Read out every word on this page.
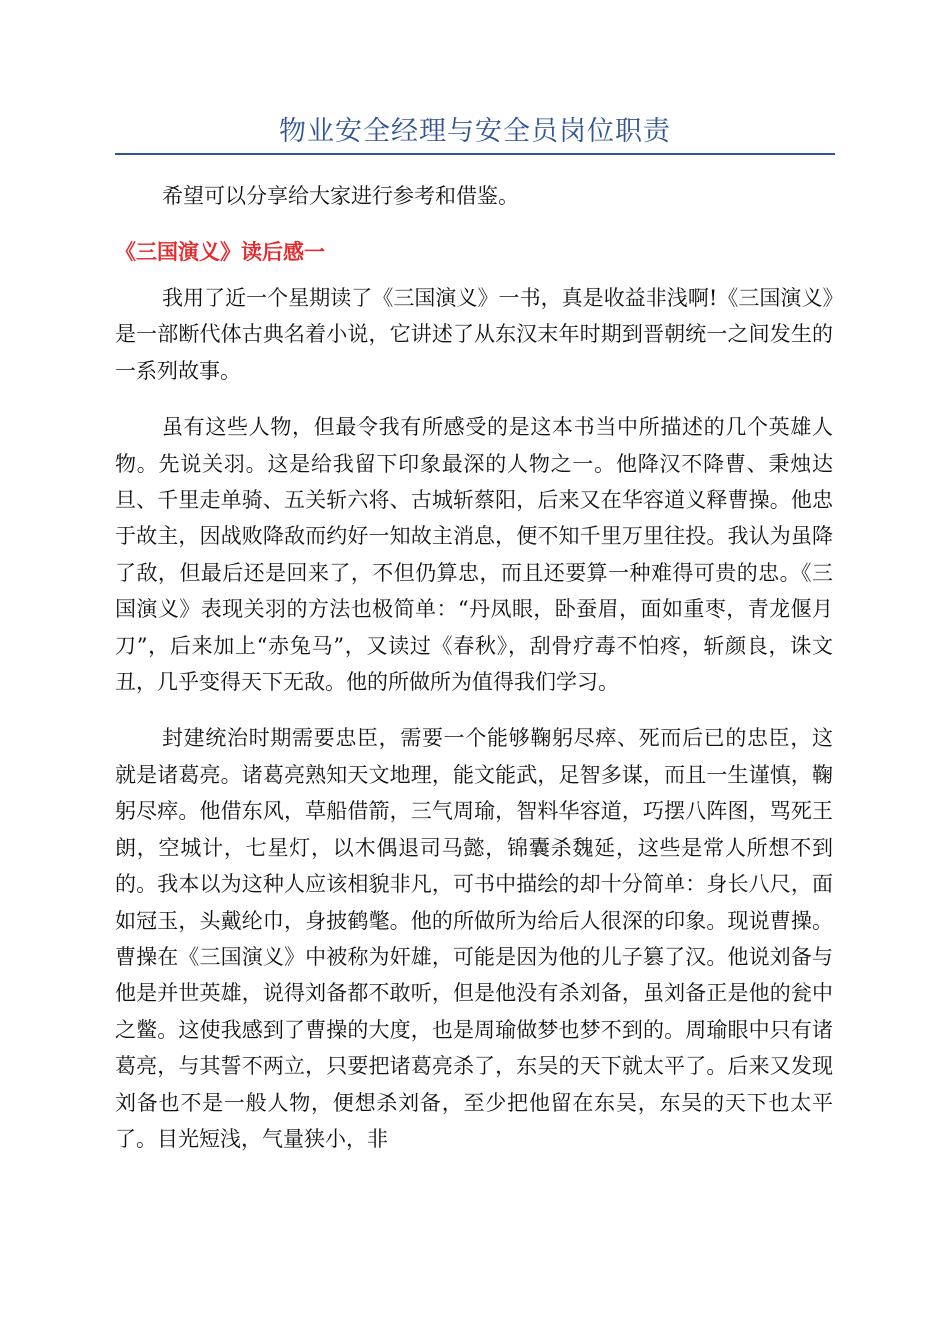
物业安全经理与安全员岗位职责

希望可以分享给大家进行参考和借鉴。

《三国演义》读后感一

我用了近一个星期读了《三国演义》一书，真是收益非浅啊!《三国演义》是一部断代体古典名着小说，它讲述了从东汉末年时期到晋朝统一之间发生的一系列故事。

虽有这些人物，但最令我有所感受的是这本书当中所描述的几个英雄人物。先说关羽。这是给我留下印象最深的人物之一。他降汉不降曹、秉烛达旦、千里走单骑、五关斩六将、古城斩蔡阳，后来又在华容道义释曹操。他忠于故主，因战败降敌而约好一知故主消息，便不知千里万里往投。我认为虽降了敌，但最后还是回来了，不但仍算忠，而且还要算一种难得可贵的忠。《三国演义》表现关羽的方法也极简单：“丹凤眼，卧蚕眉，面如重枣，青龙偃月刀”，后来加上“赤兔马”，又读过《春秋》，刮骨疗毒不怕疼，斩颜良，诛文丑，几乎变得天下无敌。他的所做所为值得我们学习。

封建统治时期需要忠臣，需要一个能够鞠躬尽瘁、死而后已的忠臣，这就是诸葛亮。诸葛亮熟知天文地理，能文能武，足智多谋，而且一生谨慎，鞠躬尽瘁。他借东风，草船借箭，三气周瑜，智料华容道，巧摆八阵图，骂死王朗，空城计，七星灯，以木偶退司马懿，锦囊杀魏延，这些是常人所想不到的。我本以为这种人应该相貌非凡，可书中描绘的却十分简单：身长八尺，面如冠玉，头戴纶巾，身披鹤氅。他的所做所为给后人很深的印象。现说曹操。曹操在《三国演义》中被称为奸雄，可能是因为他的儿子篡了汉。他说刘备与他是并世英雄，说得刘备都不敢听，但是他没有杀刘备，虽刘备正是他的瓮中之鳖。这使我感到了曹操的大度，也是周瑜做梦也梦不到的。周瑜眼中只有诸葛亮，与其誓不两立，只要把诸葛亮杀了，东吴的天下就太平了。后来又发现刘备也不是一般人物，便想杀刘备，至少把他留在东吴，东吴的天下也太平了。目光短浅，气量狭小，非
